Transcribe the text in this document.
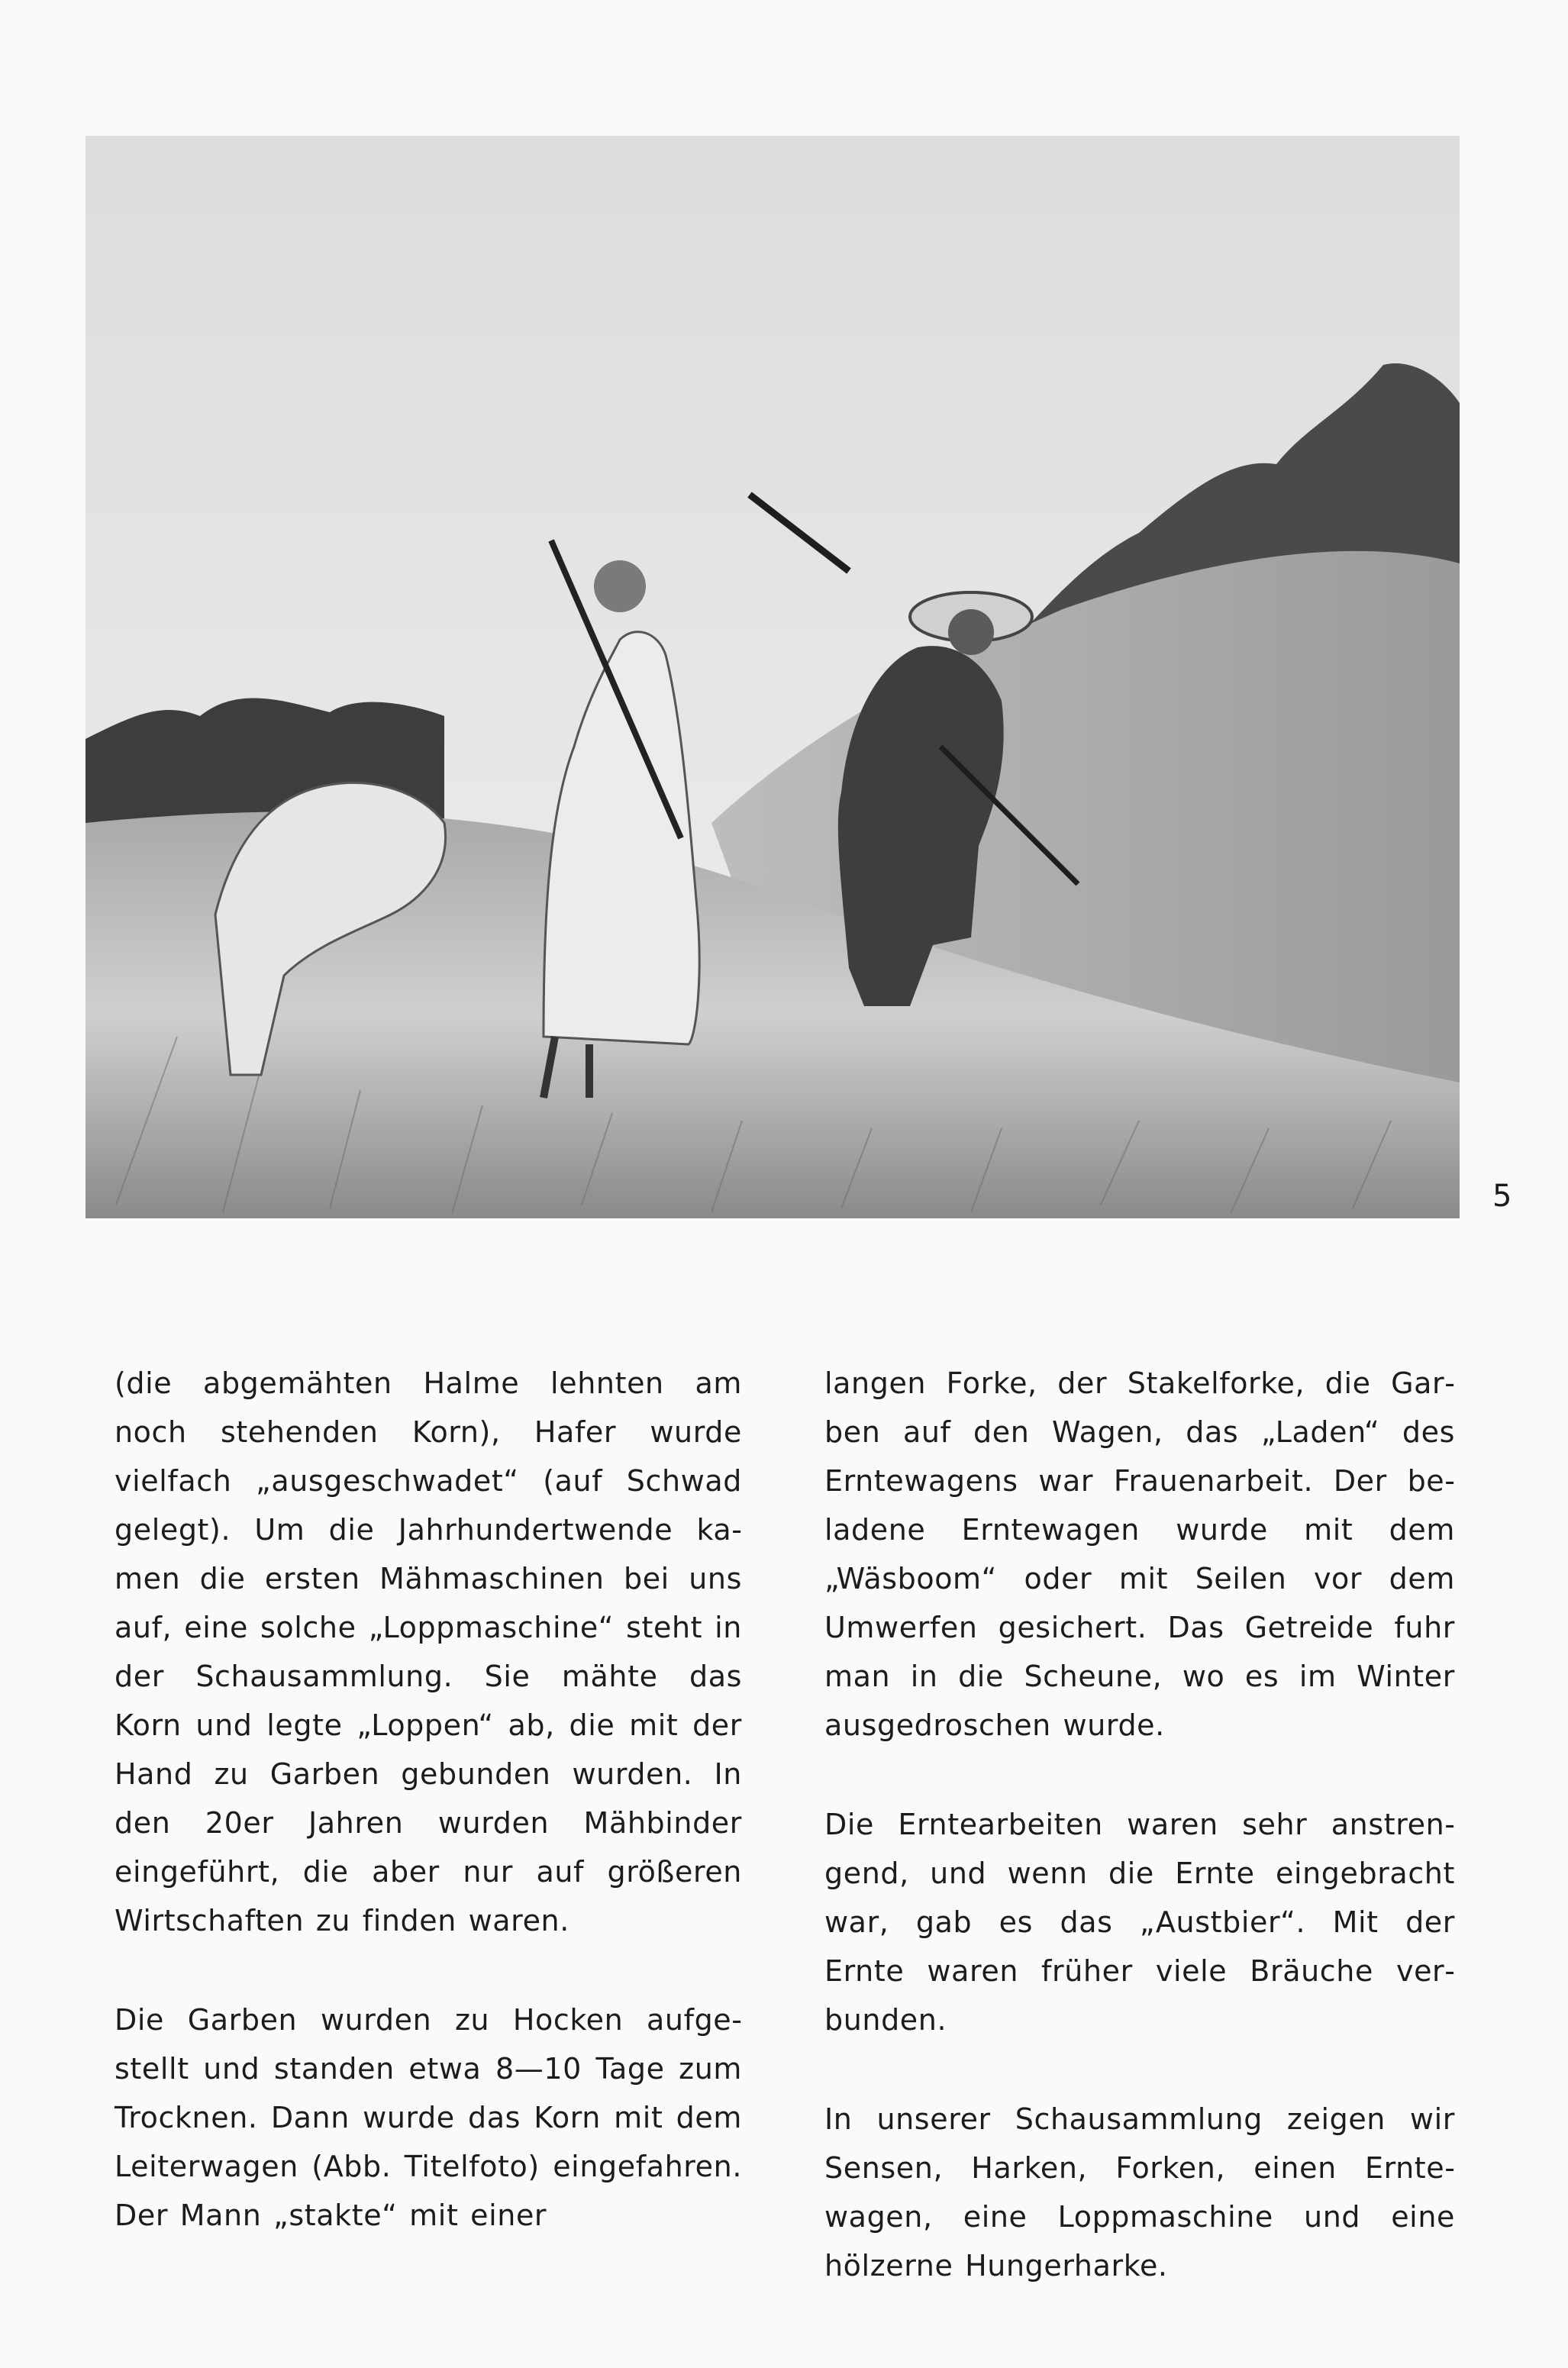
5

(die abgemähten Halme lehnten am noch stehenden Korn), Hafer wurde vielfach „ausgeschwadet“ (auf Schwad gelegt). Um die Jahrhundertwende kamen die ersten Mähmaschinen bei uns auf, eine solche „Loppmaschine“ steht in der Schausammlung. Sie mähte das Korn und legte „Loppen“ ab, die mit der Hand zu Garben gebunden wurden. In den 20er Jahren wurden Mähbinder eingeführt, die aber nur auf größeren Wirtschaften zu finden waren.

Die Garben wurden zu Hocken aufgestellt und standen etwa 8—10 Tage zum Trocknen. Dann wurde das Korn mit dem Leiterwagen (Abb. Titelfoto) eingefahren. Der Mann „stakte“ mit einer

langen Forke, der Stakelforke, die Garben auf den Wagen, das „Laden“ des Erntewagens war Frauenarbeit. Der beladene Erntewagen wurde mit dem „Wäsboom“ oder mit Seilen vor dem Umwerfen gesichert. Das Getreide fuhr man in die Scheune, wo es im Winter ausgedroschen wurde.

Die Erntearbeiten waren sehr anstrengend, und wenn die Ernte eingebracht war, gab es das „Austbier“. Mit der Ernte waren früher viele Bräuche verbunden.

In unserer Schausammlung zeigen wir Sensen, Harken, Forken, einen Erntewagen, eine Loppmaschine und eine hölzerne Hungerharke.
